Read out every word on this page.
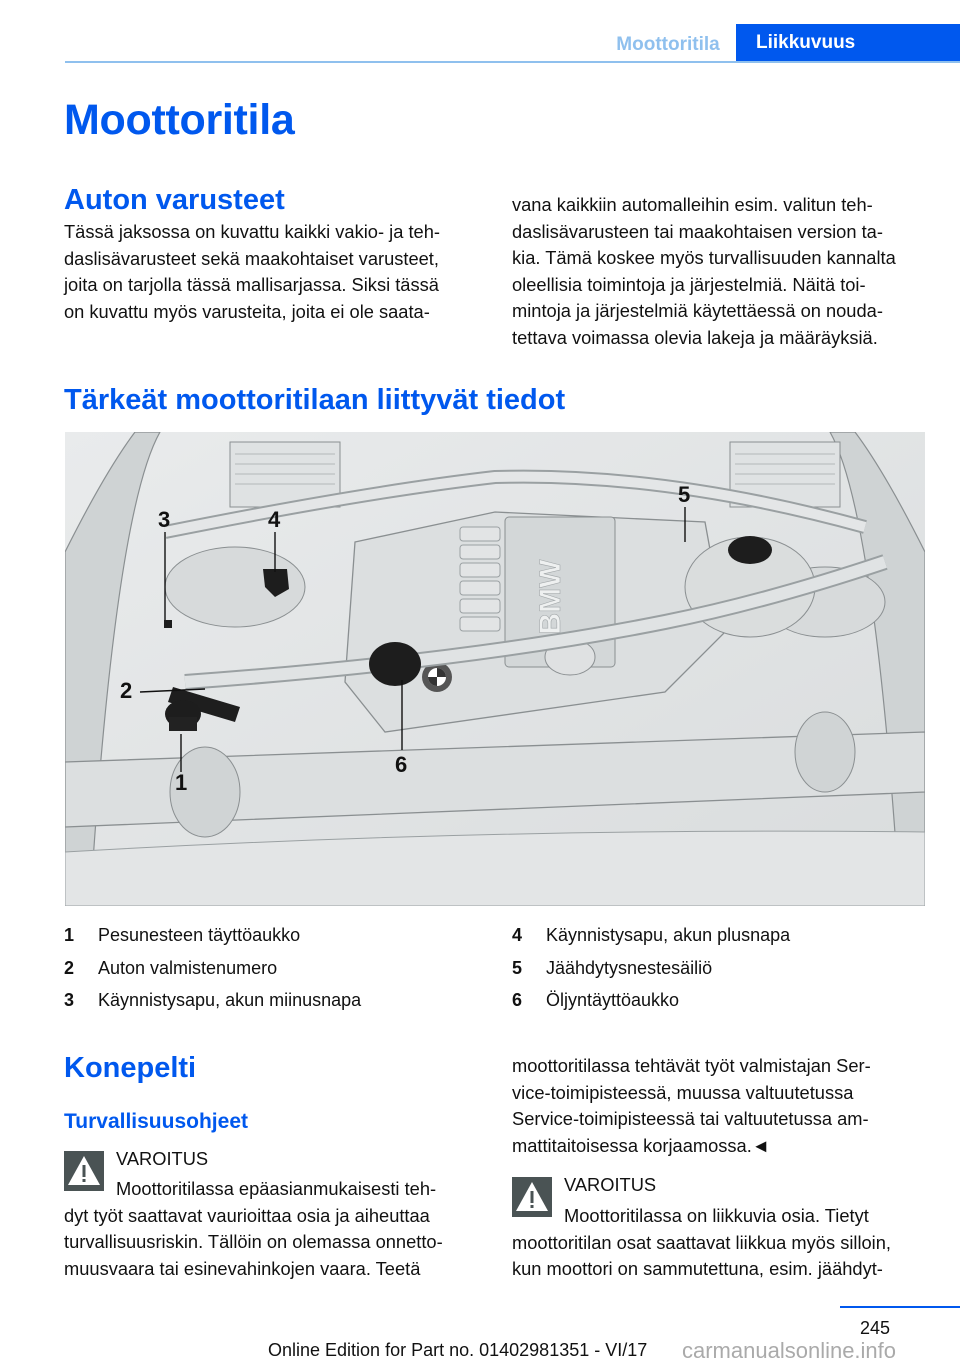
Moottoritila	Liikkuvuus
Moottoritila
Auton varusteet
Tässä jaksossa on kuvattu kaikki vakio- ja teh-
daslisävarusteet sekä maakohtaiset varusteet,
joita on tarjolla tässä mallisarjassa. Siksi tässä
on kuvattu myös varusteita, joita ei ole saata-
vana kaikkiin automalleihin esim. valitun teh-
daslisävarusteen tai maakohtaisen version ta-
kia. Tämä koskee myös turvallisuuden kannalta
oleellisia toimintoja ja järjestelmiä. Näitä toi-
mintoja ja järjestelmiä käytettäessä on nouda-
tettava voimassa olevia lakeja ja määräyksiä.
Tärkeät moottoritilaan liittyvät tiedot
BMW
1
2
3	4
5
6
1	Pesunesteen täyttöaukko
2	Auton valmistenumero
3	Käynnistysapu, akun miinusnapa
4	Käynnistysapu, akun plusnapa
5	Jäähdytysnestesäiliö
6	Öljyntäyttöaukko
Konepelti
Turvallisuusohjeet
VAROITUS
Moottoritilassa epäasianmukaisesti teh-
dyt työt saattavat vaurioittaa osia ja aiheuttaa
turvallisuusriskin. Tällöin on olemassa onnetto-
muusvaara tai esinevahinkojen vaara. Teetä
moottoritilassa tehtävät työt valmistajan Ser-
vice-toimipisteessä, muussa valtuutetussa
Service-toimipisteessä tai valtuutetussa am-
mattitaitoisessa korjaamossa.◄
VAROITUS
Moottoritilassa on liikkuvia osia. Tietyt
moottoritilan osat saattavat liikkua myös silloin,
kun moottori on sammutettuna, esim. jäähdyt-
245
Online Edition for Part no. 01402981351 - VI/17 carmanualsonline.info
